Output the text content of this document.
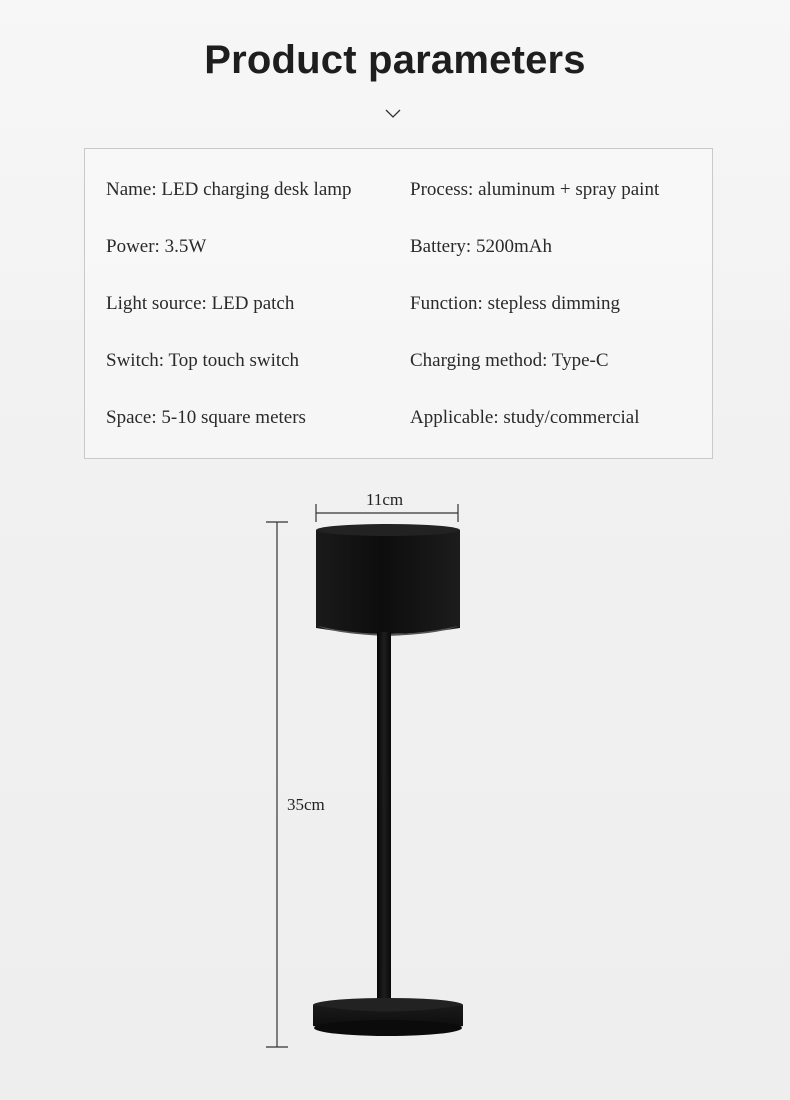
Product parameters
Name: LED charging desk lamp
Power: 3.5W
Light source: LED patch
Switch: Top touch switch
Space: 5-10 square meters
Process: aluminum + spray paint
Battery: 5200mAh
Function: stepless dimming
Charging method: Type-C
Applicable: study/commercial
11cm
35cm
